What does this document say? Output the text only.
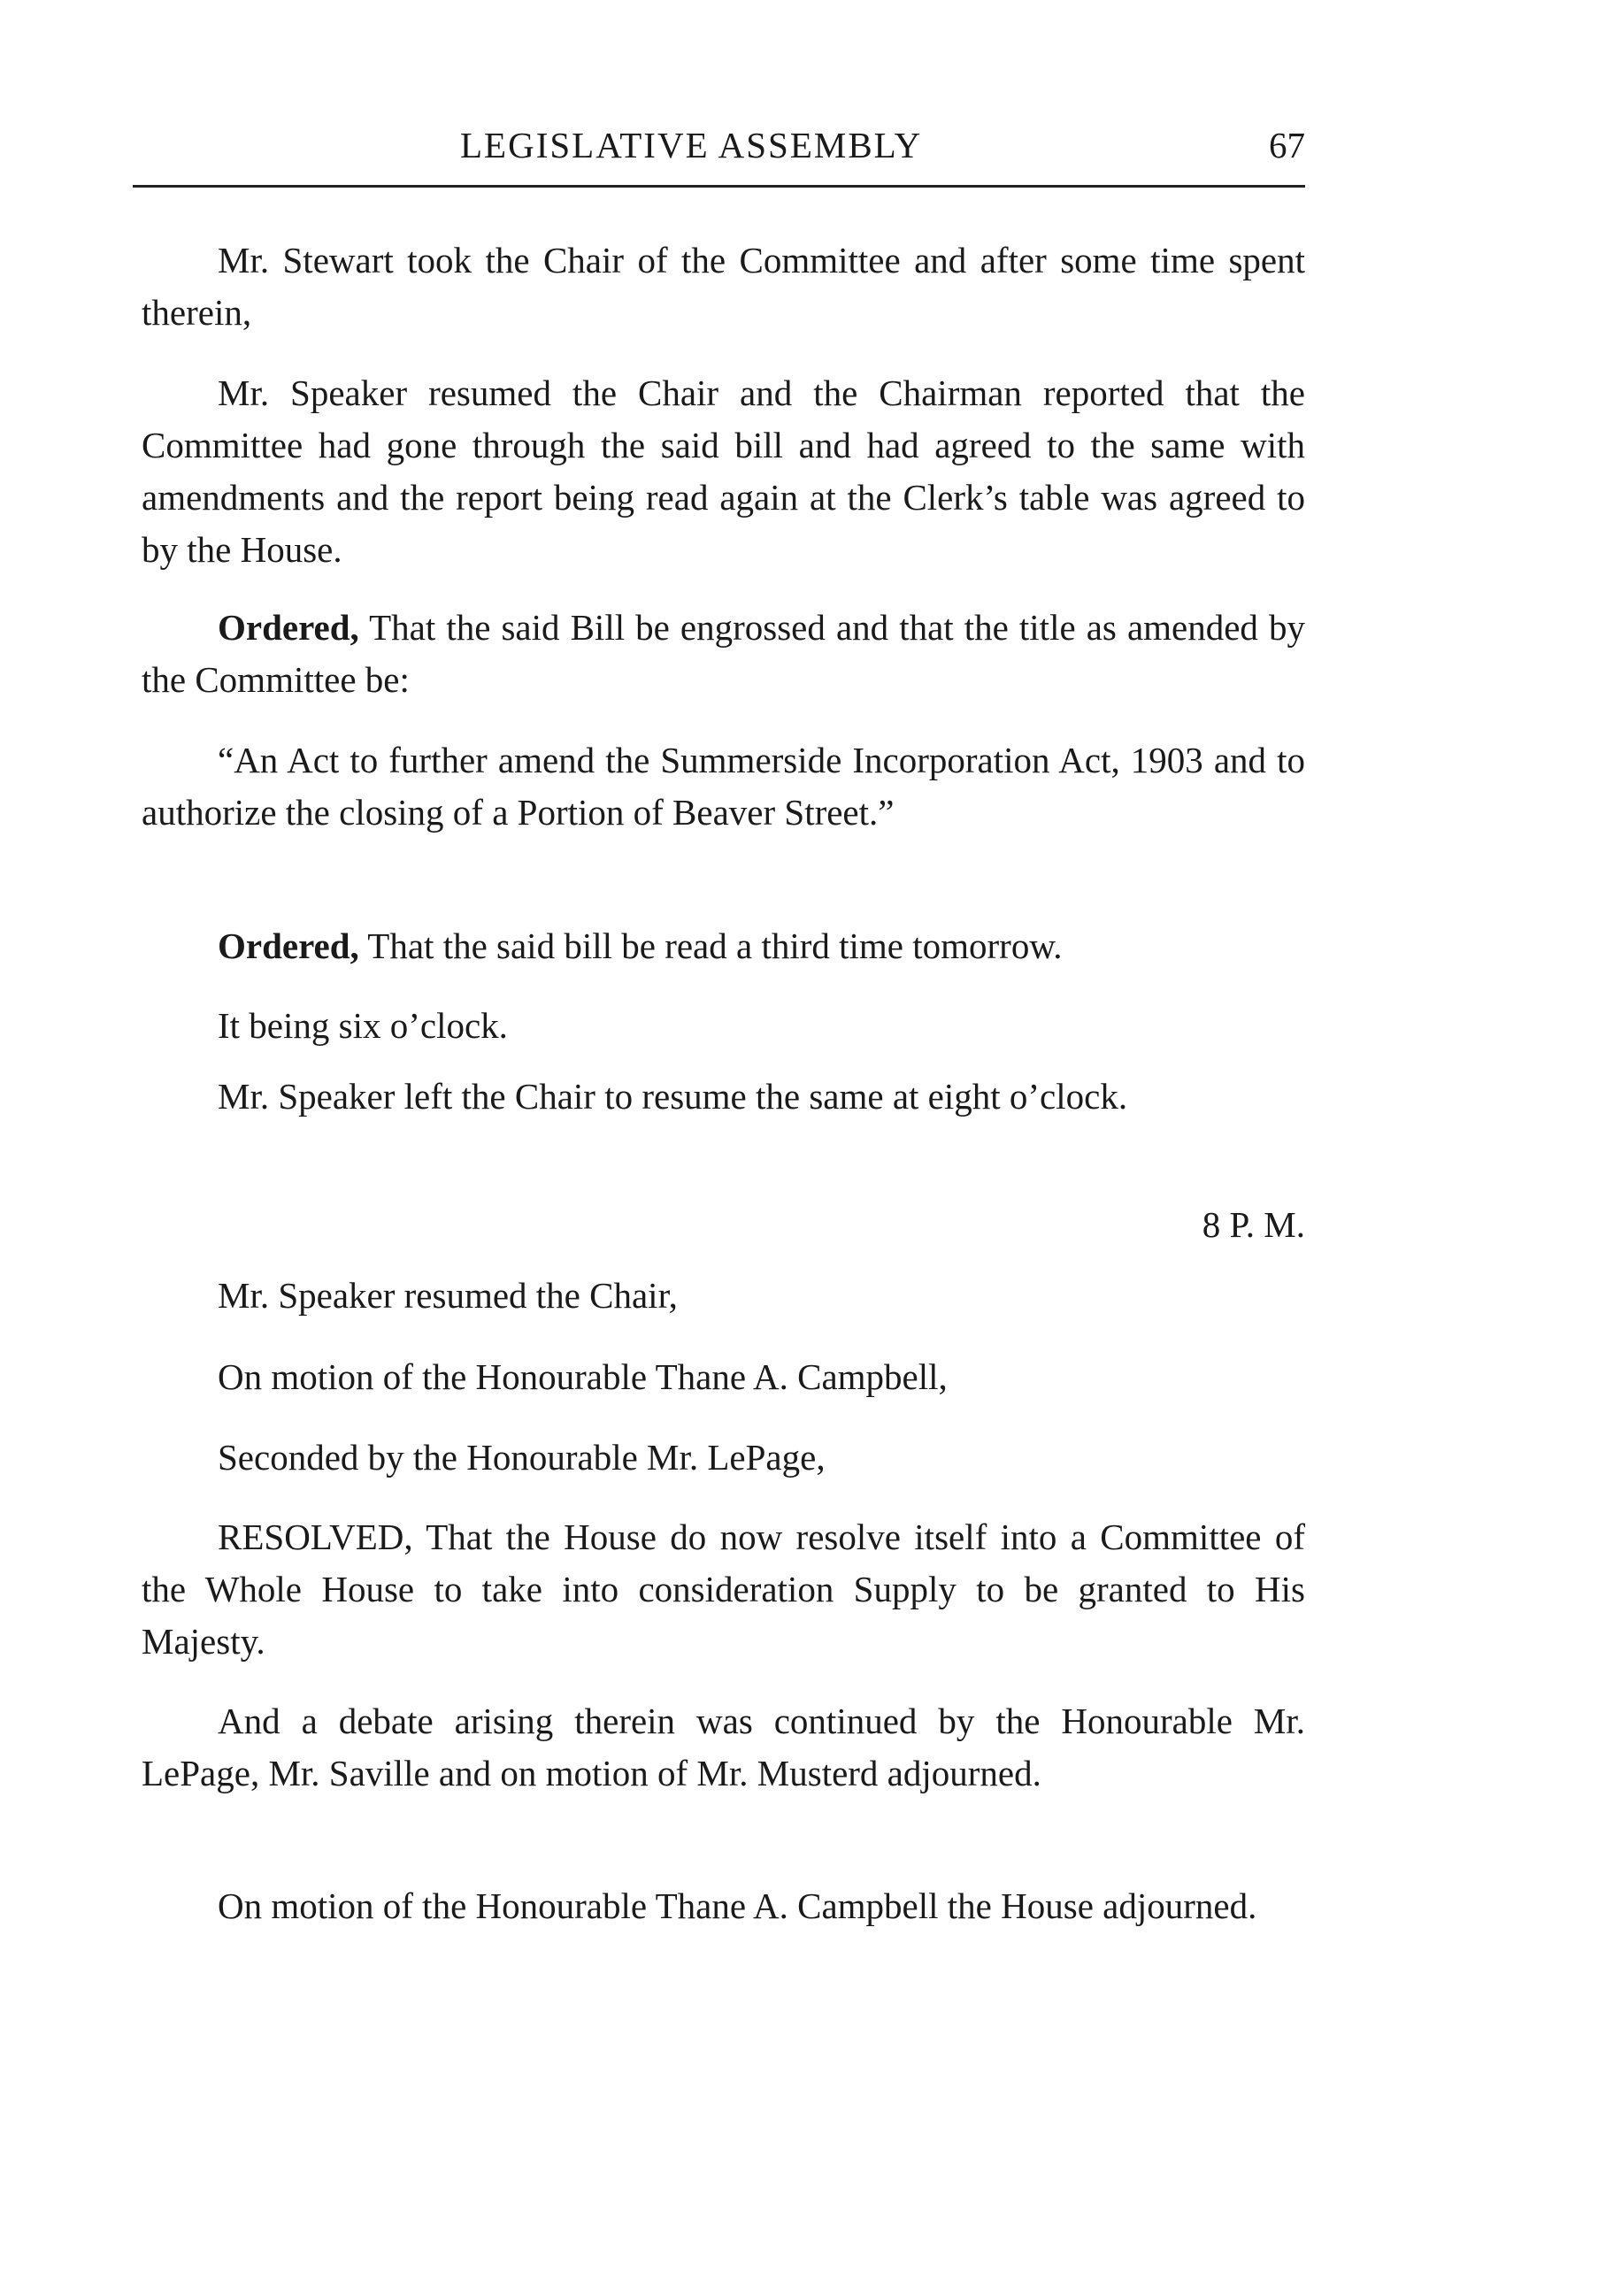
LEGISLATIVE ASSEMBLY	67

Mr. Stewart took the Chair of the Committee and after some time spent therein,

Mr. Speaker resumed the Chair and the Chairman reported that the Committee had gone through the said bill and had agreed to the same with amendments and the report being read again at the Clerk’s table was agreed to by the House.

Ordered, That the said Bill be engrossed and that the title as amended by the Committee be:

“An Act to further amend the Summerside Incorporation Act, 1903 and to authorize the closing of a Portion of Beaver Street.”

Ordered, That the said bill be read a third time tomorrow.

It being six o’clock.

Mr. Speaker left the Chair to resume the same at eight o’clock.

8 P. M.

Mr. Speaker resumed the Chair,

On motion of the Honourable Thane A. Campbell,

Seconded by the Honourable Mr. LePage,

RESOLVED, That the House do now resolve itself into a Committee of the Whole House to take into consideration Supply to be granted to His Majesty.

And a debate arising therein was continued by the Honourable Mr. LePage, Mr. Saville and on motion of Mr. Musterd adjourned.

On motion of the Honourable Thane A. Campbell the House adjourned.
